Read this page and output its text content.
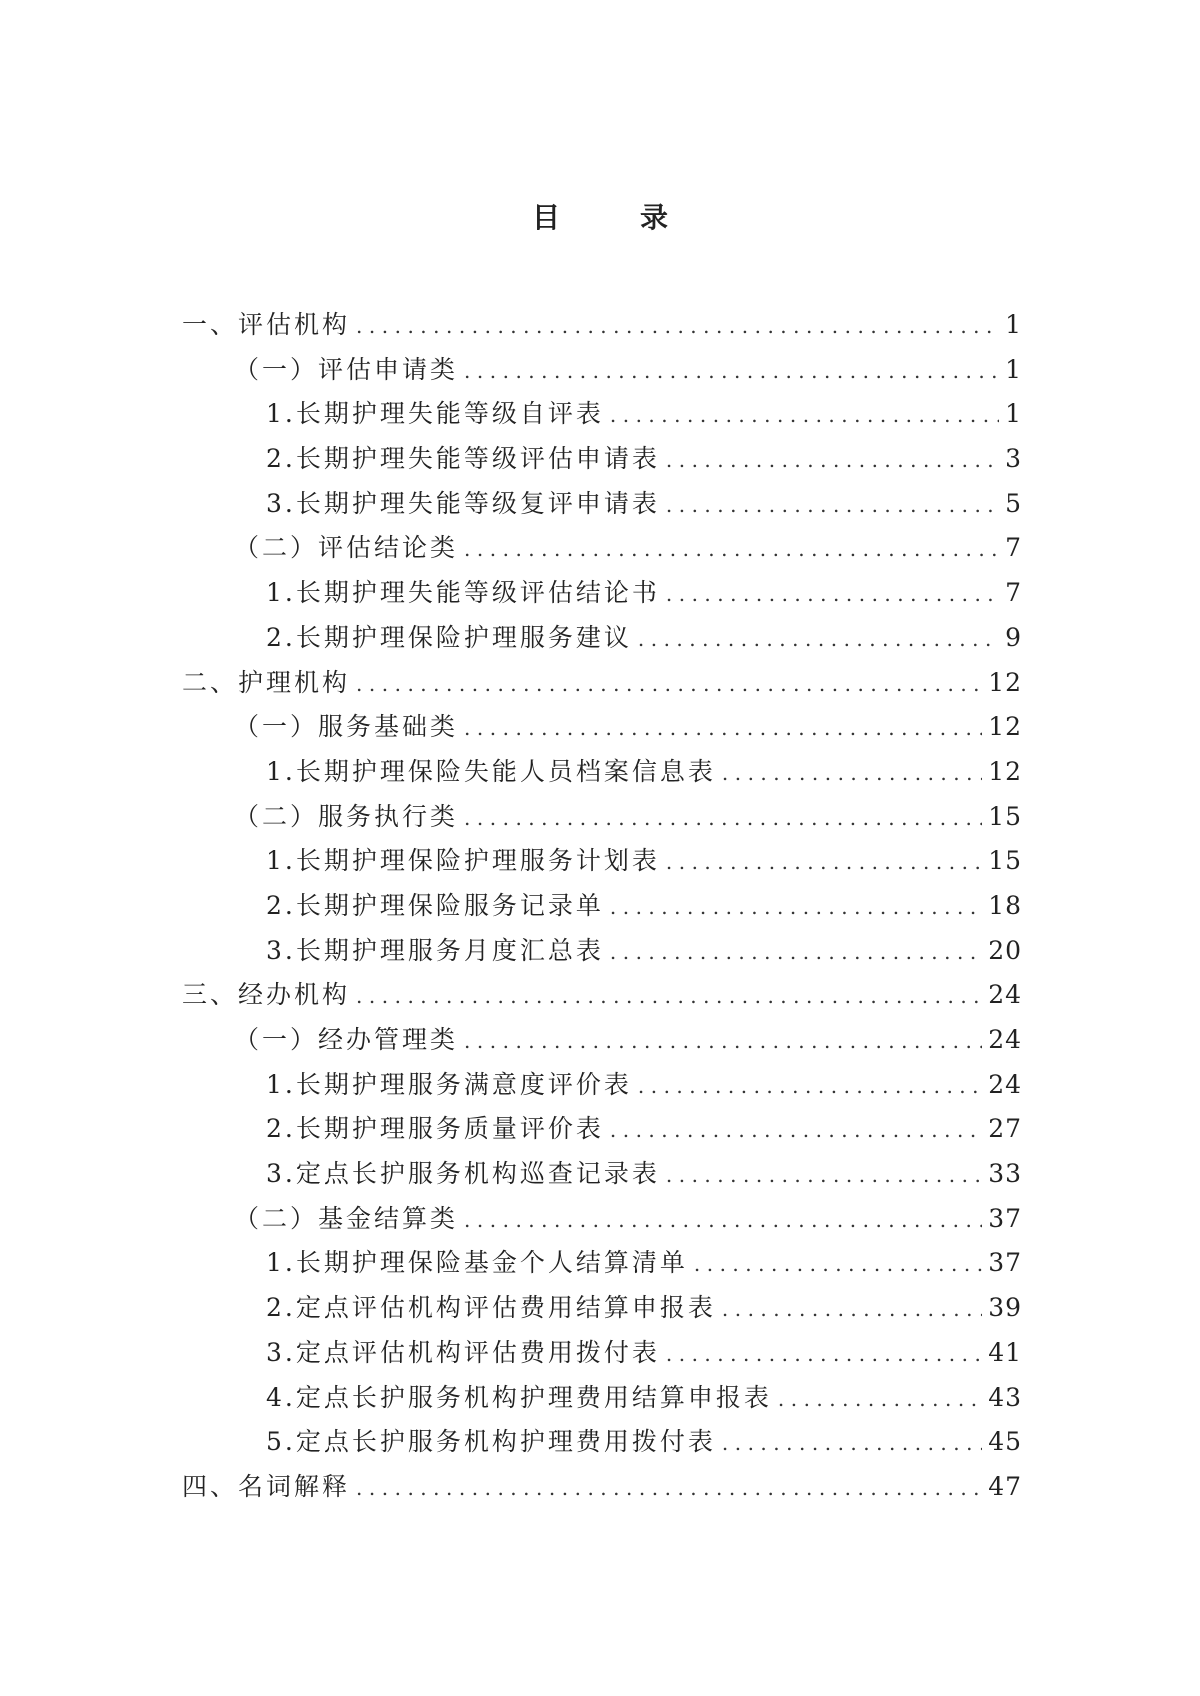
目　录
一、评估机构 .....	1
（一）评估申请类 .....	1
1.长期护理失能等级自评表 .....	1
2.长期护理失能等级评估申请表 .....	3
3.长期护理失能等级复评申请表 .....	5
（二）评估结论类 .....	7
1.长期护理失能等级评估结论书 .....	7
2.长期护理保险护理服务建议 .....	9
二、护理机构 .....	12
（一）服务基础类 .....	12
1.长期护理保险失能人员档案信息表 .....	12
（二）服务执行类 .....	15
1.长期护理保险护理服务计划表 .....	15
2.长期护理保险服务记录单 .....	18
3.长期护理服务月度汇总表 .....	20
三、经办机构 .....	24
（一）经办管理类 .....	24
1.长期护理服务满意度评价表 .....	24
2.长期护理服务质量评价表 .....	27
3.定点长护服务机构巡查记录表 .....	33
（二）基金结算类 .....	37
1.长期护理保险基金个人结算清单 .....	37
2.定点评估机构评估费用结算申报表 .....	39
3.定点评估机构评估费用拨付表 .....	41
4.定点长护服务机构护理费用结算申报表 .....	43
5.定点长护服务机构护理费用拨付表 .....	45
四、名词解释 .....	47
